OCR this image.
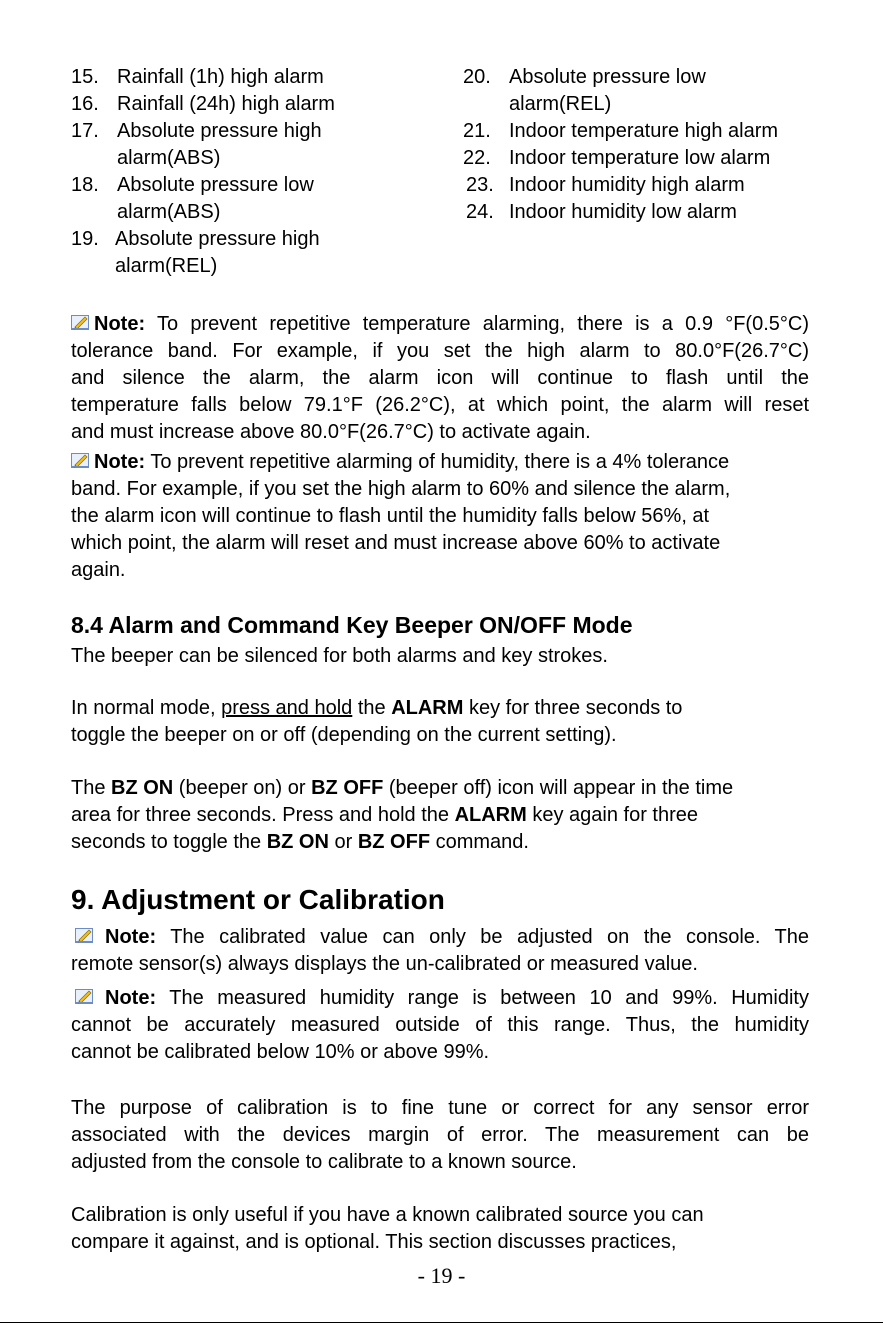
15. Rainfall (1h) high alarm
16. Rainfall (24h) high alarm
17. Absolute pressure high
alarm(ABS)
18. Absolute pressure low
alarm(ABS)
19. Absolute pressure high
alarm(REL)
20. Absolute pressure low
alarm(REL)
21. Indoor temperature high alarm
22. Indoor temperature low alarm
23. Indoor humidity high alarm
24. Indoor humidity low alarm
Note: To prevent repetitive temperature alarming, there is a 0.9 °F(0.5°C)
tolerance band. For example, if you set the high alarm to 80.0°F(26.7°C)
and silence the alarm, the alarm icon will continue to flash until the
temperature falls below 79.1°F (26.2°C), at which point, the alarm will reset
and must increase above 80.0°F(26.7°C) to activate again.
Note: To prevent repetitive alarming of humidity, there is a 4% tolerance
band. For example, if you set the high alarm to 60% and silence the alarm,
the alarm icon will continue to flash until the humidity falls below 56%, at
which point, the alarm will reset and must increase above 60% to activate
again.
8.4 Alarm and Command Key Beeper ON/OFF Mode
The beeper can be silenced for both alarms and key strokes.
In normal mode, press and hold the ALARM key for three seconds to
toggle the beeper on or off (depending on the current setting).
The BZ ON (beeper on) or BZ OFF (beeper off) icon will appear in the time
area for three seconds. Press and hold the ALARM key again for three
seconds to toggle the BZ ON or BZ OFF command.
9. Adjustment or Calibration
Note: The calibrated value can only be adjusted on the console. The
remote sensor(s) always displays the un-calibrated or measured value.
Note: The measured humidity range is between 10 and 99%. Humidity
cannot be accurately measured outside of this range. Thus, the humidity
cannot be calibrated below 10% or above 99%.
The purpose of calibration is to fine tune or correct for any sensor error
associated with the devices margin of error. The measurement can be
adjusted from the console to calibrate to a known source.
Calibration is only useful if you have a known calibrated source you can
compare it against, and is optional. This section discusses practices,
- 19 -
